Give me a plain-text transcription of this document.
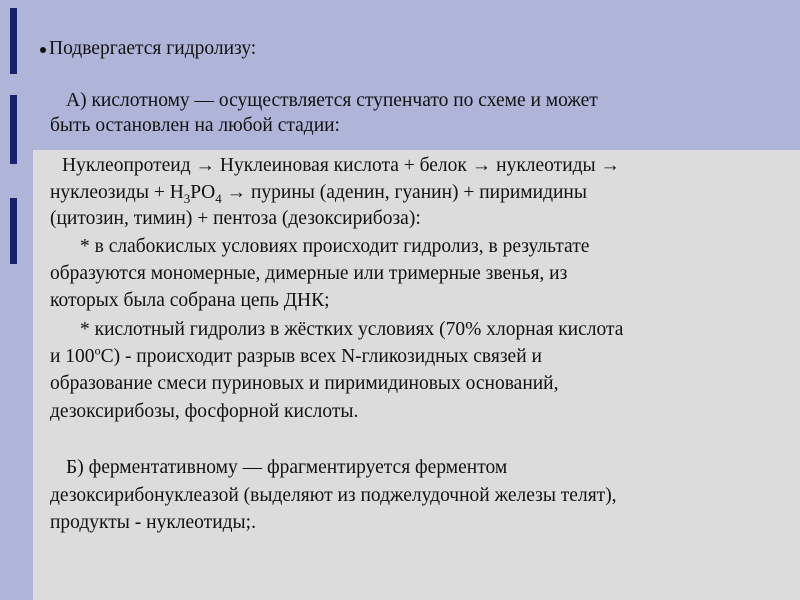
Подвергается гидролизу:
А) кислотному — осуществляется ступенчато по схеме и может
быть остановлен на любой стадии:
Нуклеопротеид → Нуклеиновая кислота + белок → нуклеотиды →
нуклеозиды + $H_3PO_4$ → пурины (аденин, гуанин) + пиримидины
(цитозин, тимин) + пентоза (дезоксирибоза):
* в слабокислых условиях происходит гидролиз, в результате
образуются мономерные, димерные или тримерные звенья, из
которых была собрана цепь ДНК;
* кислотный гидролиз в жёстких условиях (70% хлорная кислота
и $100^оС$) - происходит разрыв всех N-гликозидных связей и
образование смеси пуриновых и пиримидиновых оснований,
дезоксирибозы, фосфорной кислоты.
Б) ферментативному — фрагментируется ферментом
дезоксирибонуклеазой (выделяют из поджелудочной железы телят),
продукты - нуклеотиды;.
